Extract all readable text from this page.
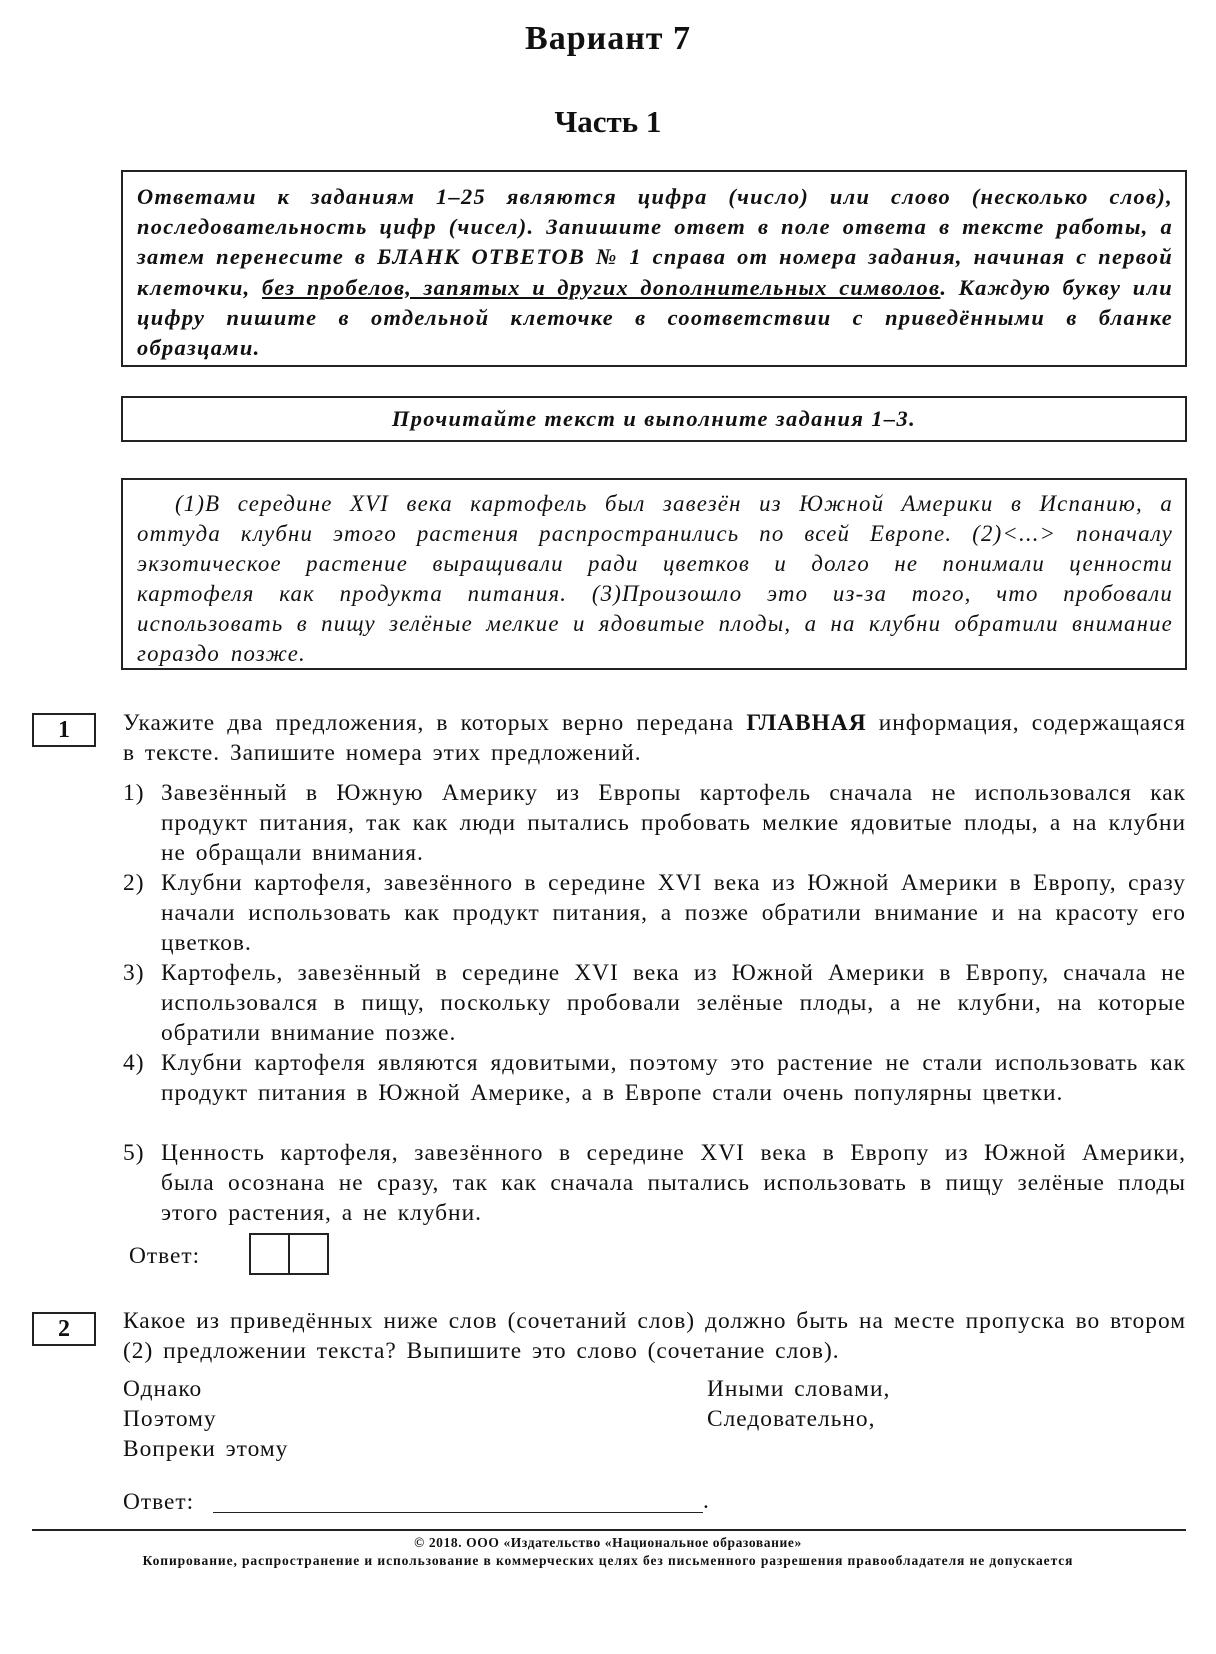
Вариант 7
Часть 1
Ответами к заданиям 1–25 являются цифра (число) или слово (несколько слов), последовательность цифр (чисел). Запишите ответ в поле ответа в тексте работы, а затем перенесите в БЛАНК ОТВЕТОВ № 1 справа от номера задания, начиная с первой клеточки, без пробелов, запятых и других дополнительных символов. Каждую букву или цифру пишите в отдельной клеточке в соответствии с приведёнными в бланке образцами.
Прочитайте текст и выполните задания 1–3.
(1)В середине XVI века картофель был завезён из Южной Америки в Испанию, а оттуда клубни этого растения распространились по всей Европе. (2)<...> поначалу экзотическое растение выращивали ради цветков и долго не понимали ценности картофеля как продукта питания. (3)Произошло это из-за того, что пробовали использовать в пищу зелёные мелкие и ядовитые плоды, а на клубни обратили внимание гораздо позже.
1	Укажите два предложения, в которых верно передана ГЛАВНАЯ информация, содержащаяся в тексте. Запишите номера этих предложений.
1) Завезённый в Южную Америку из Европы картофель сначала не использовался как продукт питания, так как люди пытались пробовать мелкие ядовитые плоды, а на клубни не обращали внимания.
2) Клубни картофеля, завезённого в середине XVI века из Южной Америки в Европу, сразу начали использовать как продукт питания, а позже обратили внимание и на красоту его цветков.
3) Картофель, завезённый в середине XVI века из Южной Америки в Европу, сначала не использовался в пищу, поскольку пробовали зелёные плоды, а не клубни, на которые обратили внимание позже.
4) Клубни картофеля являются ядовитыми, поэтому это растение не стали использовать как продукт питания в Южной Америке, а в Европе стали очень популярны цветки.
5) Ценность картофеля, завезённого в середине XVI века в Европу из Южной Америки, была осознана не сразу, так как сначала пытались использовать в пищу зелёные плоды этого растения, а не клубни.
Ответ:
2	Какое из приведённых ниже слов (сочетаний слов) должно быть на месте пропуска во втором (2) предложении текста? Выпишите это слово (сочетание слов).
Однако
Поэтому
Вопреки этому
Иными словами,
Следовательно,
Ответ:	.
© 2018. ООО «Издательство «Национальное образование»
Копирование, распространение и использование в коммерческих целях без письменного разрешения правообладателя не допускается
